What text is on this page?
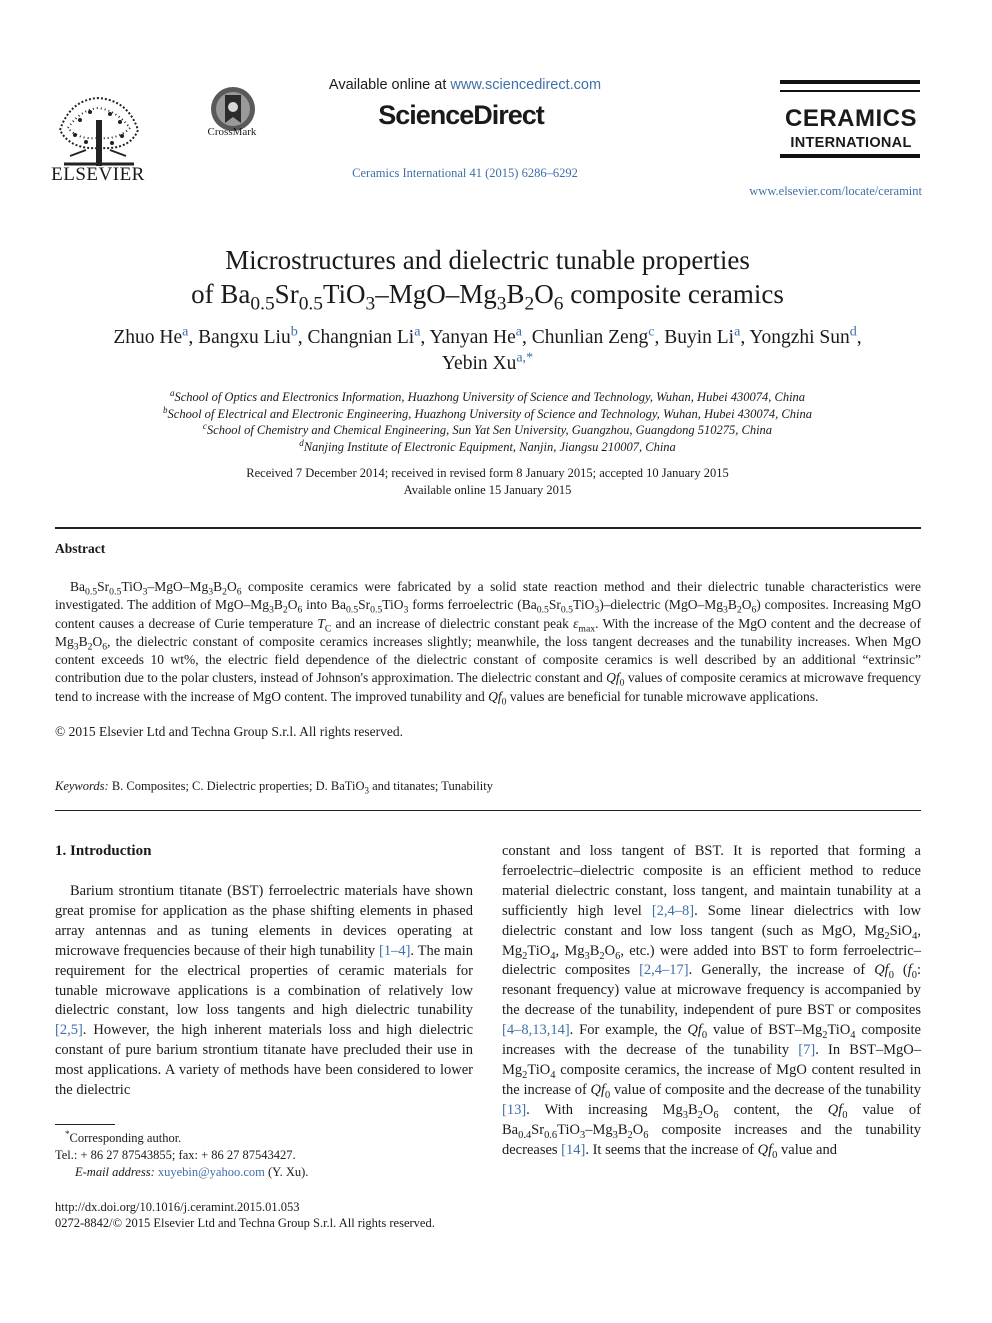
ELSEVIER
CrossMark
Available online at www.sciencedirect.com
ScienceDirect
Ceramics International 41 (2015) 6286–6292
CERAMICS
INTERNATIONAL
www.elsevier.com/locate/ceramint
Microstructures and dielectric tunable properties
of $Ba_{0.5}Sr_{0.5}TiO_3-MgO-Mg_3B_2O_6$ composite ceramics
Zhuo He$^a$, Bangxu Liu$^b$, Changnian Li$^a$, Yanyan He$^a$, Chunlian Zeng$^c$, Buyin Li$^a$, Yongzhi Sun$^d$,
Yebin $Xu^{a,*}$
$^a$School of Optics and Electronics Information, Huazhong University of Science and Technology, Wuhan, Hubei 430074, China
$^b$School of Electrical and Electronic Engineering, Huazhong University of Science and Technology, Wuhan, Hubei 430074, China
$^c$School of Chemistry and Chemical Engineering, Sun Yat Sen University, Guangzhou, Guangdong 510275, China
$^d$Nanjing Institute of Electronic Equipment, Nanjin, Jiangsu 210007, China
Received 7 December 2014; received in revised form 8 January 2015; accepted 10 January 2015
Available online 15 January 2015
Abstract
$Ba_{0.5}Sr_{0.5}TiO_3-MgO-Mg_3B_2O_6$ composite ceramics were fabricated by a solid state reaction method and their dielectric tunable characteristics were investigated. The addition of MgO–$Mg_3B_2O_6$ into $Ba_{0.5}Sr_{0.5}TiO_3$ forms ferroelectric $(Ba_{0.5}Sr_{0.5}TiO_3)$–dielectric $(MgO-Mg_3B_2O_6)$ composites. Increasing MgO content causes a decrease of Curie temperature $T_C$ and an increase of dielectric constant peak $\varepsilon_{max}$. With the increase of the MgO content and the decrease of $Mg_3B_2O_6$, the dielectric constant of composite ceramics increases slightly; meanwhile, the loss tangent decreases and the tunability increases. When MgO content exceeds 10 wt%, the electric field dependence of the dielectric constant of composite ceramics is well described by an additional “extrinsic” contribution due to the polar clusters, instead of Johnson's approximation. The dielectric constant and $Qf_0$ values of composite ceramics at microwave frequency tend to increase with the increase of MgO content. The improved tunability and $Qf_0$ values are beneficial for tunable microwave applications.
© 2015 Elsevier Ltd and Techna Group S.r.l. All rights reserved.
Keywords: B. Composites; C. Dielectric properties; D. BaTiO$_3$ and titanates; Tunability
1. Introduction
Barium strontium titanate (BST) ferroelectric materials have shown great promise for application as the phase shifting elements in phased array antennas and as tuning elements in devices operating at microwave frequencies because of their high tunability [1–4]. The main requirement for the electrical properties of ceramic materials for tunable microwave applications is a combination of relatively low dielectric constant, low loss tangents and high dielectric tunability [2,5]. However, the high inherent materials loss and high dielectric constant of pure barium strontium titanate have precluded their use in most applications. A variety of methods have been considered to lower the dielectric
constant and loss tangent of BST. It is reported that forming a ferroelectric–dielectric composite is an efficient method to reduce material dielectric constant, loss tangent, and maintain tunability at a sufficiently high level [2,4–8]. Some linear dielectrics with low dielectric constant and low loss tangent (such as MgO, $Mg_2SiO_4$, $Mg_2TiO_4$, $Mg_3B_2O_6$, etc.) were added into BST to form ferroelectric–dielectric composites [2,4–17]. Generally, the increase of $Qf_0$ ($f_0$: resonant frequency) value at microwave frequency is accompanied by the decrease of the tunability, independent of pure BST or composites [4–8,13,14]. For example, the $Qf_0$ value of BST–$Mg_2TiO_4$ composite increases with the decrease of the tunability [7]. In BST–$MgO-Mg_2TiO_4$ composite ceramics, the increase of MgO content resulted in the increase of $Qf_0$ value of composite and the decrease of the tunability [13]. With increasing $Mg_3B_2O_6$ content, the $Qf_0$ value of $Ba_{0.4}Sr_{0.6}TiO_3-Mg_3B_2O_6$ composite increases and the tunability decreases [14]. It seems that the increase of $Qf_0$ value and
*Corresponding author.
Tel.: + 86 27 87543855; fax: + 86 27 87543427.
E-mail address: xuyebin@yahoo.com (Y. Xu).
http://dx.doi.org/10.1016/j.ceramint.2015.01.053
0272-8842/© 2015 Elsevier Ltd and Techna Group S.r.l. All rights reserved.
